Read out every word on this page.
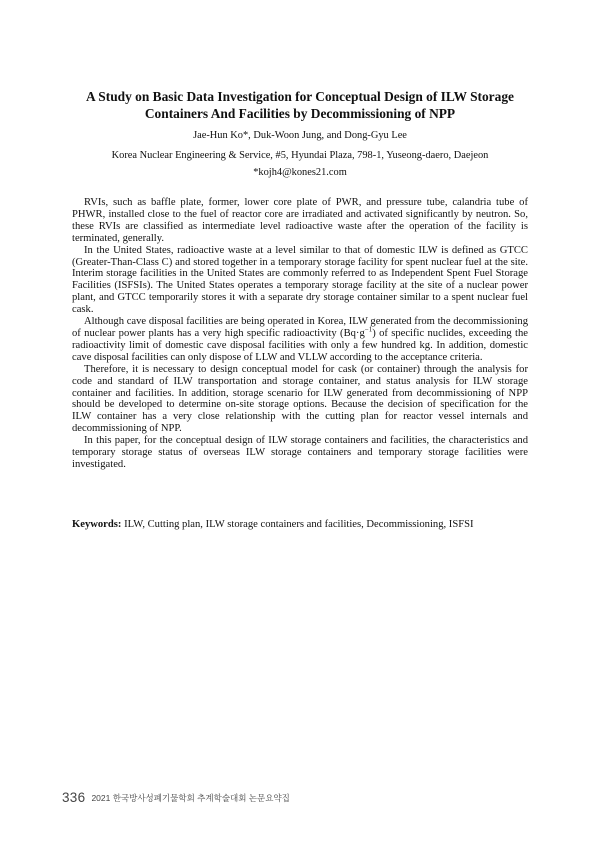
A Study on Basic Data Investigation for Conceptual Design of ILW Storage
Containers And Facilities by Decommissioning of NPP
Jae-Hun Ko*, Duk-Woon Jung, and Dong-Gyu Lee
Korea Nuclear Engineering & Service, #5, Hyundai Plaza, 798-1, Yuseong-daero, Daejeon
*kojh4@kones21.com

RVIs, such as baffle plate, former, lower core plate of PWR, and pressure tube, calandria tube of PHWR, installed close to the fuel of reactor core are irradiated and activated significantly by neutron. So, these RVIs are classified as intermediate level radioactive waste after the operation of the facility is terminated, generally.

In the United States, radioactive waste at a level similar to that of domestic ILW is defined as GTCC (Greater-Than-Class C) and stored together in a temporary storage facility for spent nuclear fuel at the site. Interim storage facilities in the United States are commonly referred to as Independent Spent Fuel Storage Facilities (ISFSIs). The United States operates a temporary storage facility at the site of a nuclear power plant, and GTCC temporarily stores it with a separate dry storage container similar to a spent nuclear fuel cask.

Although cave disposal facilities are being operated in Korea, ILW generated from the decommissioning of nuclear power plants has a very high specific radioactivity $(Bq\cdot g^{-1})$ of specific nuclides, exceeding the radioactivity limit of domestic cave disposal facilities with only a few hundred kg. In addition, domestic cave disposal facilities can only dispose of LLW and VLLW according to the acceptance criteria.

Therefore, it is necessary to design conceptual model for cask (or container) through the analysis for code and standard of ILW transportation and storage container, and status analysis for ILW storage container and facilities. In addition, storage scenario for ILW generated from decommissioning of NPP should be developed to determine on-site storage options. Because the decision of specification for the ILW container has a very close relationship with the cutting plan for reactor vessel internals and decommissioning of NPP.

In this paper, for the conceptual design of ILW storage containers and facilities, the characteristics and temporary storage status of overseas ILW storage containers and temporary storage facilities were investigated.

Keywords: ILW, Cutting plan, ILW storage containers and facilities, Decommissioning, ISFSI
336 2021 한국방사성폐기물학회 추계학술대회 논문요약집
